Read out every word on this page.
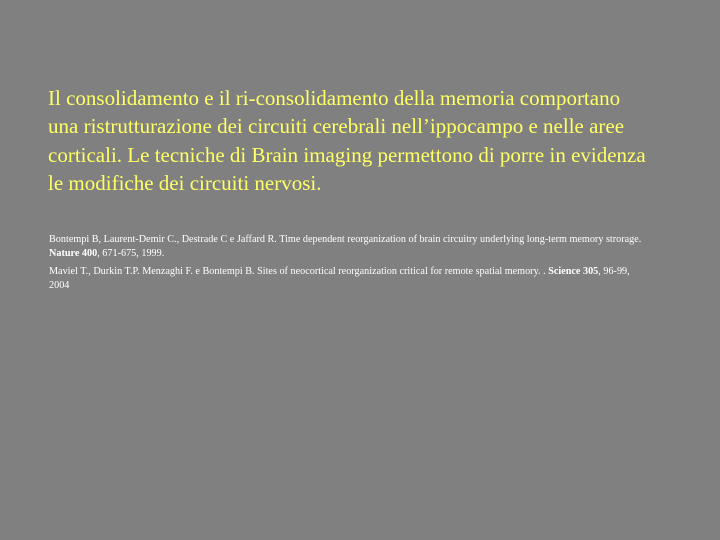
Il consolidamento e il ri-consolidamento della memoria comportano una ristrutturazione dei circuiti cerebrali nell’ippocampo e nelle aree corticali. Le tecniche di Brain imaging permettono di porre in evidenza le modifiche dei circuiti nervosi.

Bontempi B, Laurent-Demir C., Destrade C e Jaffard R. Time dependent reorganization of brain circuitry underlying long-term memory strorage. Nature 400, 671-675, 1999.

Maviel T., Durkin T.P. Menzaghi F. e Bontempi B. Sites of neocortical reorganization critical for remote spatial memory. . Science 305, 96-99, 2004
